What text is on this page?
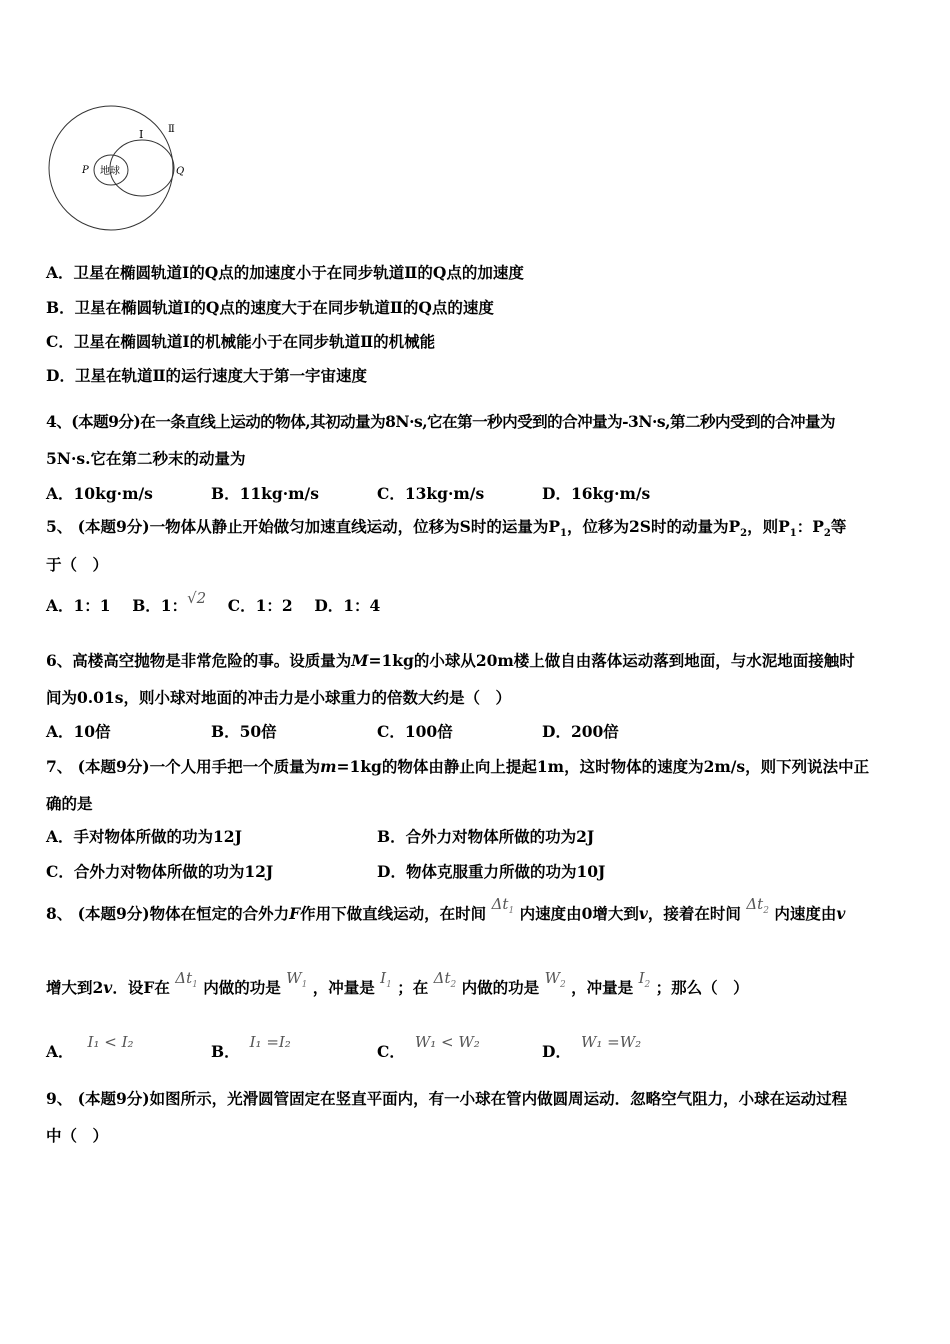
地球
P	Q
Ⅰ Ⅱ
A．卫星在椭圆轨道Ⅰ的Q点的加速度小于在同步轨道Ⅱ的Q点的加速度
B．卫星在椭圆轨道Ⅰ的Q点的速度大于在同步轨道Ⅱ的Q点的速度
C．卫星在椭圆轨道Ⅰ的机械能小于在同步轨道Ⅱ的机械能
D．卫星在轨道Ⅱ的运行速度大于第一宇宙速度
4、(本题9分)在一条直线上运动的物体,其初动量为8N·s,它在第一秒内受到的合冲量为-3N·s,第二秒内受到的合冲量为
5N·s.它在第二秒末的动量为
A．10kg·m/s	B．11kg·m/s	C．13kg·m/s	D．16kg·m/s
5、 (本题9分)一物体从静止开始做匀加速直线运动，位移为S时的运量为$P_1$，位移为2S时的动量为$P_2$，则$P_1$：$P_2$等
于（　）
A．1：1 B．1：√2 C．1：2 D．1：4
6、高楼高空抛物是非常危险的事。设质量为M=1kg的小球从20m楼上做自由落体运动落到地面，与水泥地面接触时
间为0.01s，则小球对地面的冲击力是小球重力的倍数大约是（　）
A．10倍	B．50倍	C．100倍	D．200倍
7、 (本题9分)一个人用手把一个质量为m=1kg的物体由静止向上提起1m，这时物体的速度为2m/s，则下列说法中正
确的是
A．手对物体所做的功为12J	B．合外力对物体所做的功为2J
C．合外力对物体所做的功为12J	D．物体克服重力所做的功为10J
8、 (本题9分)物体在恒定的合外力F作用下做直线运动，在时间 $\Delta t_1$ 内速度由0增大到v，接着在时间 $\Delta t_2$ 内速度由v
增大到2v．设F在 $\Delta t_1$ 内做的功是 $W_1$ ，冲量是 $I_1$ ；在 $\Delta t_2$ 内做的功是 $W_2$ ，冲量是 $I_2$ ；那么（　）
A． I₁ < I₂	B． I₁ =I₂	C． W₁ < W₂	D． W₁ =W₂
9、 (本题9分)如图所示，光滑圆管固定在竖直平面内，有一小球在管内做圆周运动．忽略空气阻力，小球在运动过程
中（　）
